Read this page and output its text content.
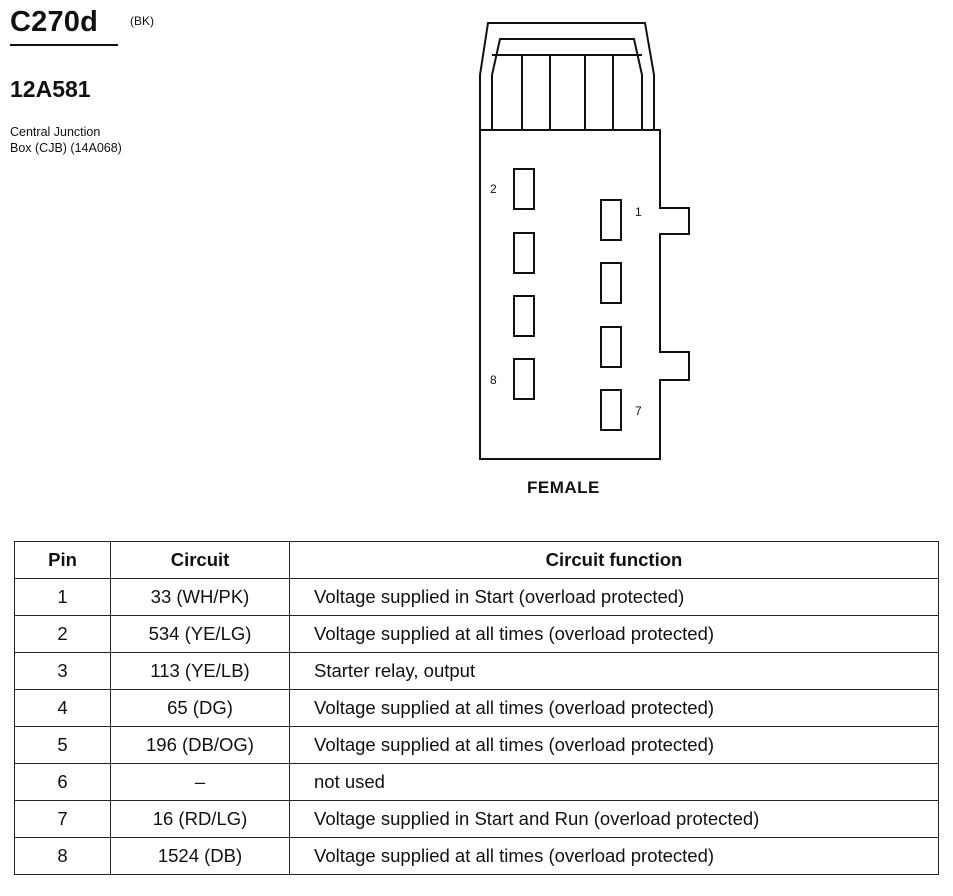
C270d	(BK)
12A581
Central Junction
Box (CJB) (14A068)
2
1
8
7
FEMALE
Pin	Circuit	Circuit function
1	33 (WH/PK)	Voltage supplied in Start (overload protected)
2	534 (YE/LG)	Voltage supplied at all times (overload protected)
3	113 (YE/LB)	Starter relay, output
4	65 (DG)	Voltage supplied at all times (overload protected)
5	196 (DB/OG)	Voltage supplied at all times (overload protected)
6	–	not used
7	16 (RD/LG)	Voltage supplied in Start and Run (overload protected)
8	1524 (DB)	Voltage supplied at all times (overload protected)
